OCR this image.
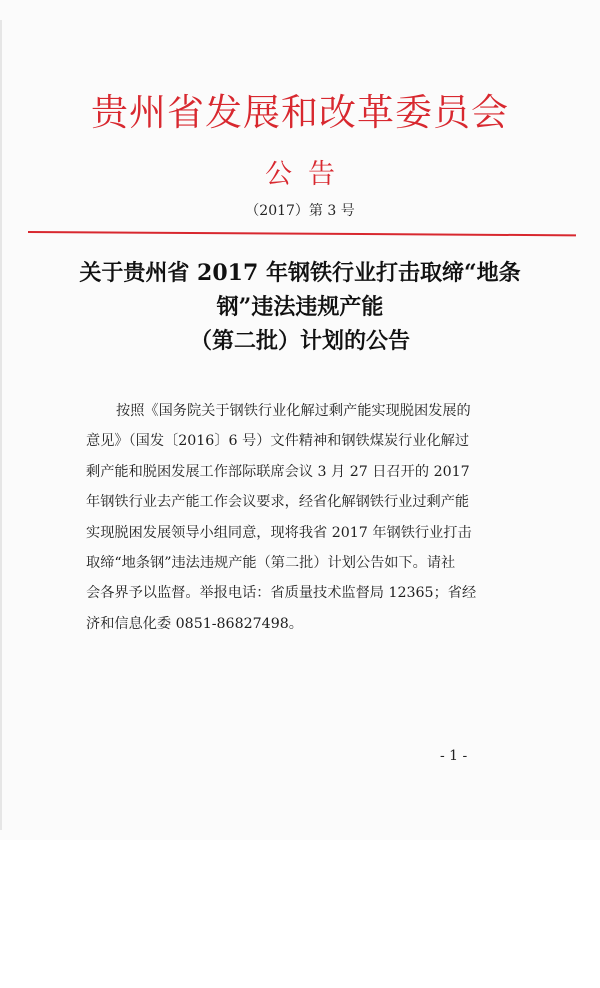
贵州省发展和改革委员会
公告
（2017）第 3 号
关于贵州省 2017 年钢铁行业打击取缔“地条
钢”违法违规产能
（第二批）计划的公告
按照《国务院关于钢铁行业化解过剩产能实现脱困发展的
意见》（国发〔2016〕6 号）文件精神和钢铁煤炭行业化解过
剩产能和脱困发展工作部际联席会议 3 月 27 日召开的 2017
年钢铁行业去产能工作会议要求，经省化解钢铁行业过剩产能
实现脱困发展领导小组同意，现将我省 2017 年钢铁行业打击
取缔“地条钢”违法违规产能（第二批）计划公告如下。请社
会各界予以监督。举报电话：省质量技术监督局 12365；省经
济和信息化委 0851-86827498。
- 1 -
